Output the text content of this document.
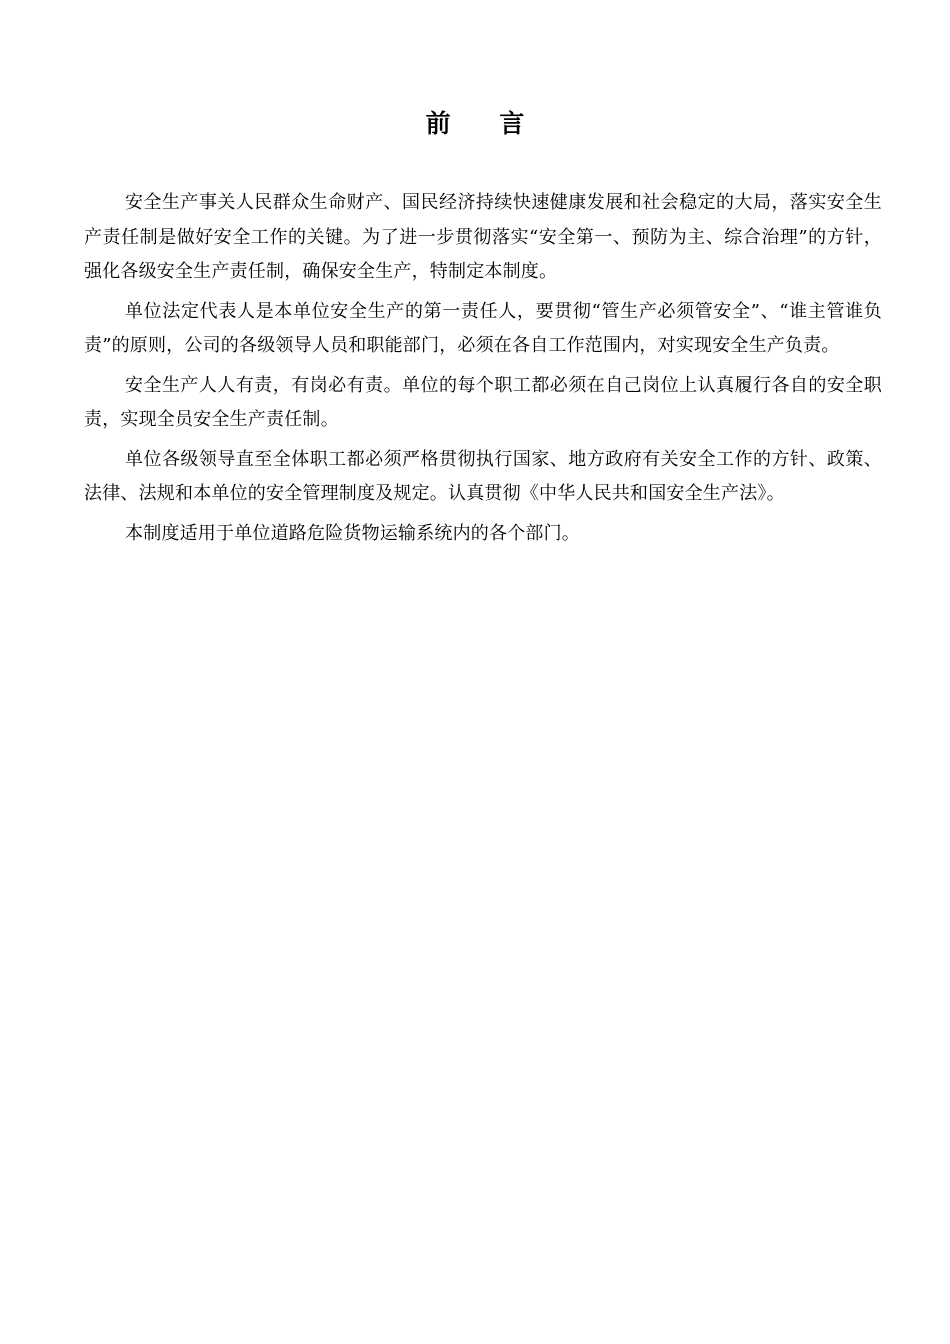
前 言

安全生产事关人民群众生命财产、国民经济持续快速健康发展和社会稳定的大局，落实安全生产责任制是做好安全工作的关键。为了进一步贯彻落实“安全第一、预防为主、综合治理”的方针，强化各级安全生产责任制，确保安全生产，特制定本制度。

单位法定代表人是本单位安全生产的第一责任人，要贯彻“管生产必须管安全”、“谁主管谁负责”的原则，公司的各级领导人员和职能部门，必须在各自工作范围内，对实现安全生产负责。

安全生产人人有责，有岗必有责。单位的每个职工都必须在自己岗位上认真履行各自的安全职责，实现全员安全生产责任制。

单位各级领导直至全体职工都必须严格贯彻执行国家、地方政府有关安全工作的方针、政策、法律、法规和本单位的安全管理制度及规定。认真贯彻《中华人民共和国安全生产法》。

本制度适用于单位道路危险货物运输系统内的各个部门。
